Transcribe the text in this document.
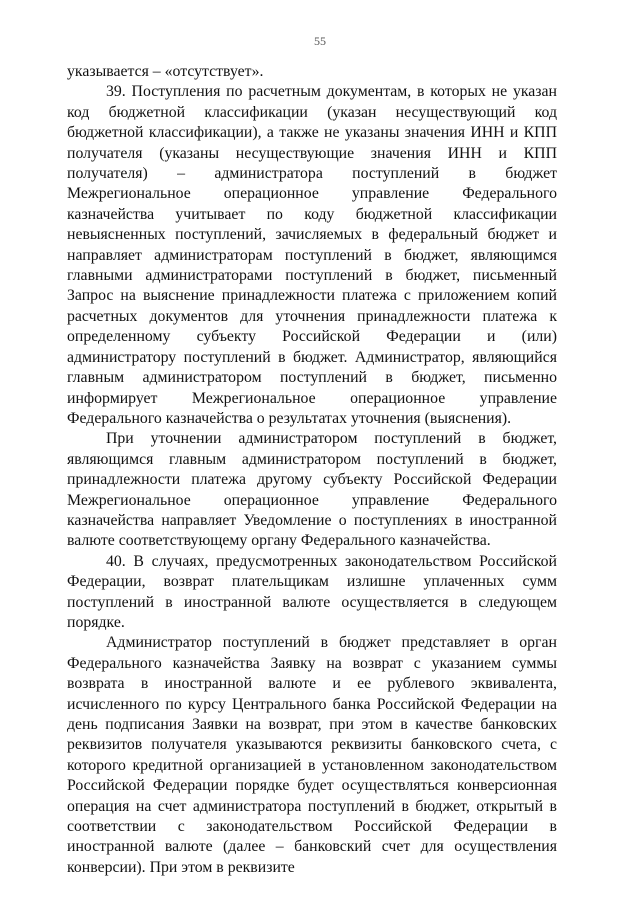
55

указывается – «отсутствует».

39. Поступления по расчетным документам, в которых не указан код бюджетной классификации (указан несуществующий код бюджетной классификации), а также не указаны значения ИНН и КПП получателя (указаны несуществующие значения ИНН и КПП получателя) – администратора поступлений в бюджет Межрегиональное операционное управление Федерального казначейства учитывает по коду бюджетной классификации невыясненных поступлений, зачисляемых в федеральный бюджет и направляет администраторам поступлений в бюджет, являющимся главными администраторами поступлений в бюджет, письменный Запрос на выяснение принадлежности платежа с приложением копий расчетных документов для уточнения принадлежности платежа к определенному субъекту Российской Федерации и (или) администратору поступлений в бюджет. Администратор, являющийся главным администратором поступлений в бюджет, письменно информирует Межрегиональное операционное управление Федерального казначейства о результатах уточнения (выяснения).

При уточнении администратором поступлений в бюджет, являющимся главным администратором поступлений в бюджет, принадлежности платежа другому субъекту Российской Федерации Межрегиональное операционное управление Федерального казначейства направляет Уведомление о поступлениях в иностранной валюте соответствующему органу Федерального казначейства.

40. В случаях, предусмотренных законодательством Российской Федерации, возврат плательщикам излишне уплаченных сумм поступлений в иностранной валюте осуществляется в следующем порядке.

Администратор поступлений в бюджет представляет в орган Федерального казначейства Заявку на возврат с указанием суммы возврата в иностранной валюте и ее рублевого эквивалента, исчисленного по курсу Центрального банка Российской Федерации на день подписания Заявки на возврат, при этом в качестве банковских реквизитов получателя указываются реквизиты банковского счета, с которого кредитной организацией в установленном законодательством Российской Федерации порядке будет осуществляться конверсионная операция на счет администратора поступлений в бюджет, открытый в соответствии с законодательством Российской Федерации в иностранной валюте (далее – банковский счет для осуществления конверсии). При этом в реквизите
